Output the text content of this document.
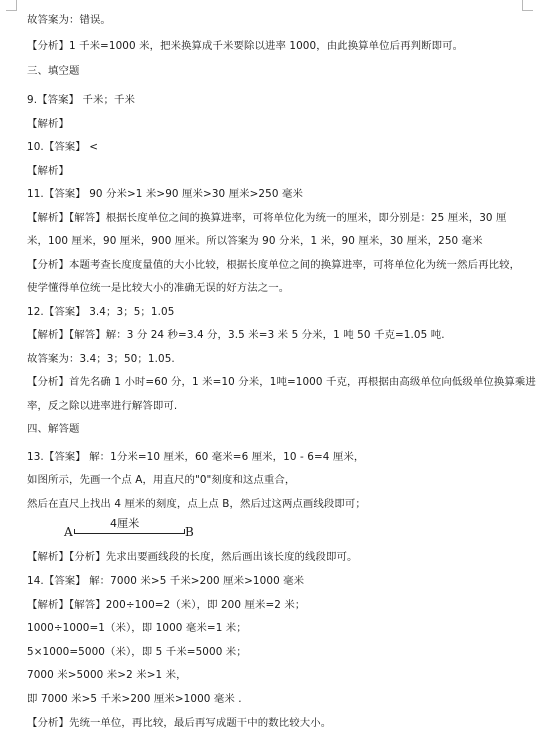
故答案为：错误。
【分析】1 千米=1000 米，把米换算成千米要除以进率 1000，由此换算单位后再判断即可。
三、填空题
9.【答案】 千米；千米
【解析】
10.【答案】 <
【解析】
11.【答案】 90 分米>1 米>90 厘米>30 厘米>250 毫米
【解析】【解答】根据长度单位之间的换算进率，可将单位化为统一的厘米，即分别是：25 厘米，30 厘
米，100 厘米，90 厘米，900 厘米。所以答案为 90 分米，1 米，90 厘米，30 厘米，250 毫米
【分析】本题考查长度度量值的大小比较，根据长度单位之间的换算进率，可将单位化为统一然后再比较，
使学懂得单位统一是比较大小的准确无误的好方法之一。
12.【答案】 3.4；3；5；1.05
【解析】【解答】解：3 分 24 秒=3.4 分，3.5 米=3 米 5 分米，1 吨 50 千克=1.05 吨.
故答案为：3.4；3；50；1.05.
【分析】首先名确 1 小时=60 分，1 米=10 分米，1吨=1000 千克，再根据由高级单位向低级单位换算乘进
率，反之除以进率进行解答即可.
四、解答题
13.【答案】 解：1分米=10 厘米，60 毫米=6 厘米，10 - 6=4 厘米，
如图所示，先画一个点 A，用直尺的"0"刻度和这点重合，
然后在直尺上找出 4 厘米的刻度，点上点 B，然后过这两点画线段即可；
A
4厘米
B
【解析】【分析】先求出要画线段的长度，然后画出该长度的线段即可。
14.【答案】 解：7000 米>5 千米>200 厘米>1000 毫米
【解析】【解答】200÷100=2（米），即 200 厘米=2 米；
1000÷1000=1（米），即 1000 毫米=1 米；
5×1000=5000（米），即 5 千米=5000 米；
7000 米>5000 米>2 米>1 米，
即 7000 米>5 千米>200 厘米>1000 毫米 .
【分析】先统一单位，再比较，最后再写成题干中的数比较大小。
